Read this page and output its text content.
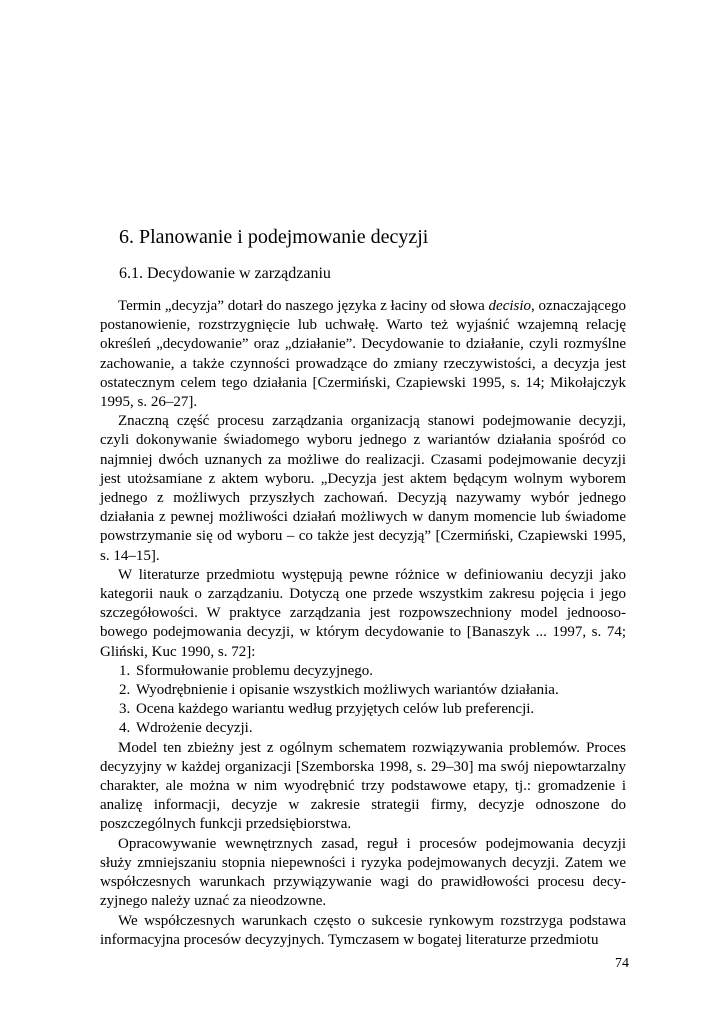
6. Planowanie i podejmowanie decyzji
6.1. Decydowanie w zarządzaniu

Termin „decyzja” dotarł do naszego języka z łaciny od słowa decisio, oznaczającego postanowienie, rozstrzygnięcie lub uchwałę. Warto też wyjaśnić wzajemną relację określeń „decydowanie” oraz „działanie”. Decydowanie to działanie, czyli rozmyślne zachowanie, a także czynności prowadzące do zmiany rzeczywistości, a decyzja jest ostatecznym celem tego działania [Czermiński, Czapiewski 1995, s. 14; Mikołajczyk 1995, s. 26–27].

Znaczną część procesu zarządzania organizacją stanowi podejmowanie decyzji, czyli dokonywanie świadomego wyboru jednego z wariantów działania spośród co najmniej dwóch uznanych za możliwe do realizacji. Czasami podejmowanie decyzji jest utożsamiane z aktem wyboru. „Decyzja jest aktem będącym wolnym wyborem jednego z możliwych przyszłych zachowań. Decyzją nazywamy wybór jednego działania z pewnej możliwości działań możliwych w danym momencie lub świadome powstrzymanie się od wyboru – co także jest decyzją” [Czermiński, Czapiewski 1995, s. 14–15].

W literaturze przedmiotu występują pewne różnice w definiowaniu decyzji jako kategorii nauk o zarządzaniu. Dotyczą one przede wszystkim zakresu pojęcia i jego szczegółowości. W praktyce zarządzania jest rozpowszechniony model jednoosobowego podejmowania decyzji, w którym decydowanie to [Banaszyk ... 1997, s. 74; Gliński, Kuc 1990, s. 72]:

1. Sformułowanie problemu decyzyjnego.
2. Wyodrębnienie i opisanie wszystkich możliwych wariantów działania.
3. Ocena każdego wariantu według przyjętych celów lub preferencji.
4. Wdrożenie decyzji.

Model ten zbieżny jest z ogólnym schematem rozwiązywania problemów. Proces decyzyjny w każdej organizacji [Szemborska 1998, s. 29–30] ma swój niepowtarzalny charakter, ale można w nim wyodrębnić trzy podstawowe etapy, tj.: gromadzenie i analizę informacji, decyzje w zakresie strategii firmy, decyzje odnoszone do poszczególnych funkcji przedsiębiorstwa.

Opracowywanie wewnętrznych zasad, reguł i procesów podejmowania decyzji służy zmniejszaniu stopnia niepewności i ryzyka podejmowanych decyzji. Zatem we współczesnych warunkach przywiązywanie wagi do prawidłowości procesu decyzyjnego należy uznać za nieodzowne.

We współczesnych warunkach często o sukcesie rynkowym rozstrzyga podstawa informacyjna procesów decyzyjnych. Tymczasem w bogatej literaturze przedmiotu

74
